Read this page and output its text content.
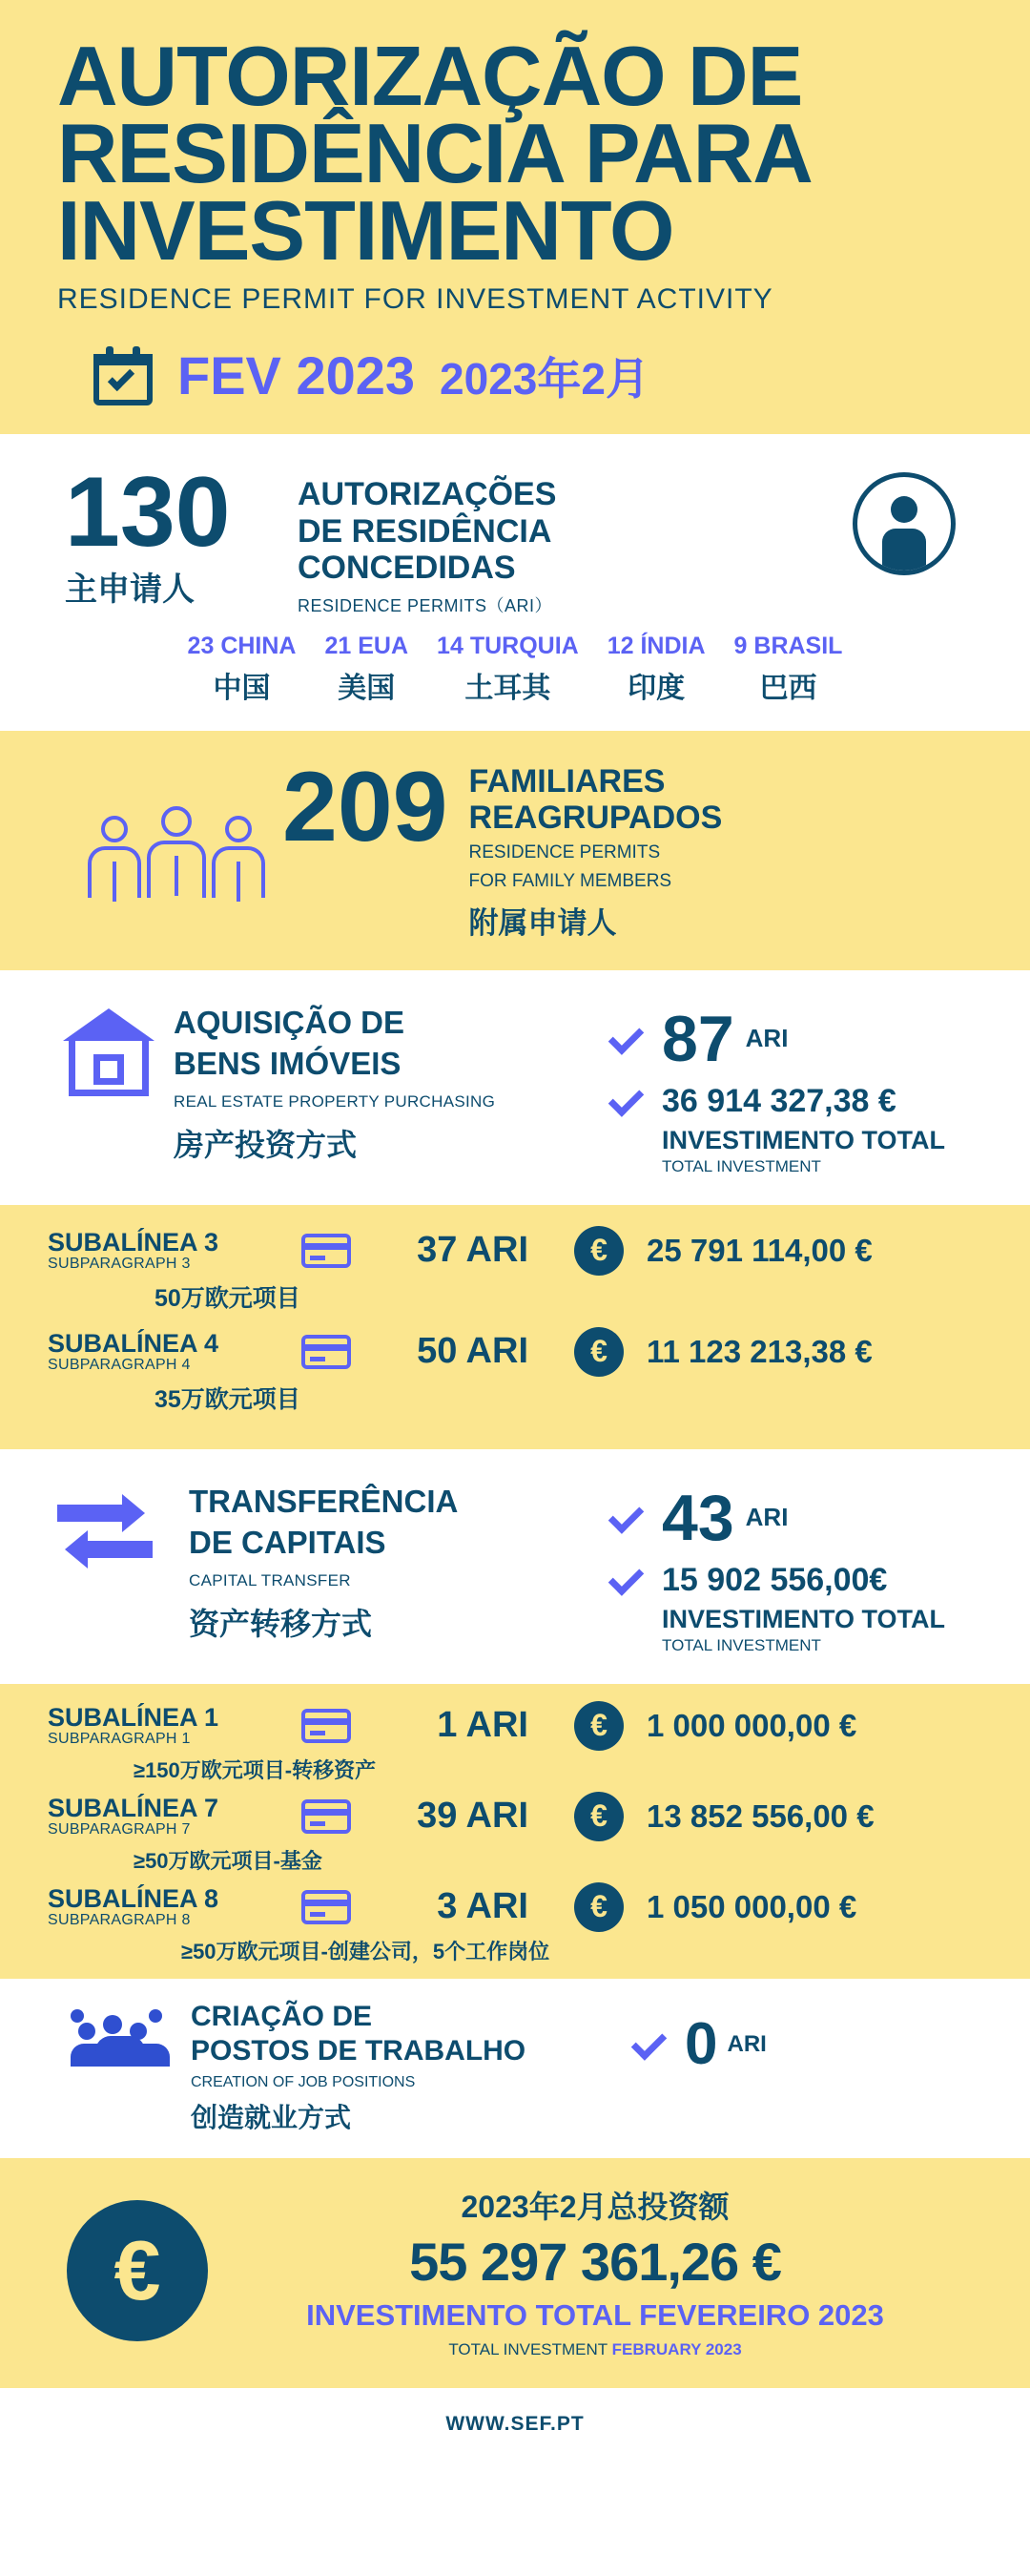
AUTORIZAÇÃO DE
RESIDÊNCIA PARA
INVESTIMENTO
RESIDENCE PERMIT FOR INVESTMENT ACTIVITY
FEV 2023 2023年2月
130
主申请人
AUTORIZAÇÕES
DE RESIDÊNCIA
CONCEDIDAS
RESIDENCE PERMITS（ARI）
23 CHINA
中国
21 EUA
美国
14 TURQUIA
土耳其
12 ÍNDIA
印度
9 BRASIL
巴西
209 FAMILIARES
REAGRUPADOS
RESIDENCE PERMITS
FOR FAMILY MEMBERS
附属申请人
AQUISIÇÃO DE
BENS IMÓVEIS
REAL ESTATE PROPERTY PURCHASING
房产投资方式
87 ARI
36 914 327,38 €
INVESTIMENTO TOTAL
TOTAL INVESTMENT
SUBALÍNEA 3
SUBPARAGRAPH 3	37 ARI	€	25 791 114,00 €
50万欧元项目
SUBALÍNEA 4
SUBPARAGRAPH 4	50 ARI	€	11 123 213,38 €
35万欧元项目
TRANSFERÊNCIA
DE CAPITAIS
CAPITAL TRANSFER
资产转移方式
43 ARI
15 902 556,00€
INVESTIMENTO TOTAL
TOTAL INVESTMENT
SUBALÍNEA 1
SUBPARAGRAPH 1	1 ARI	€	1 000 000,00 €
≥150万欧元项目-转移资产
SUBALÍNEA 7
SUBPARAGRAPH 7	39 ARI	€	13 852 556,00 €
≥50万欧元项目-基金
SUBALÍNEA 8
SUBPARAGRAPH 8	3 ARI	€	1 050 000,00 €
≥50万欧元项目-创建公司，5个工作岗位
CRIAÇÃO DE
POSTOS DE TRABALHO
CREATION OF JOB POSITIONS
创造就业方式
0 ARI
€
2023年2月总投资额
55 297 361,26 €
INVESTIMENTO TOTAL FEVEREIRO 2023
TOTAL INVESTMENT FEBRUARY 2023
WWW.SEF.PT
